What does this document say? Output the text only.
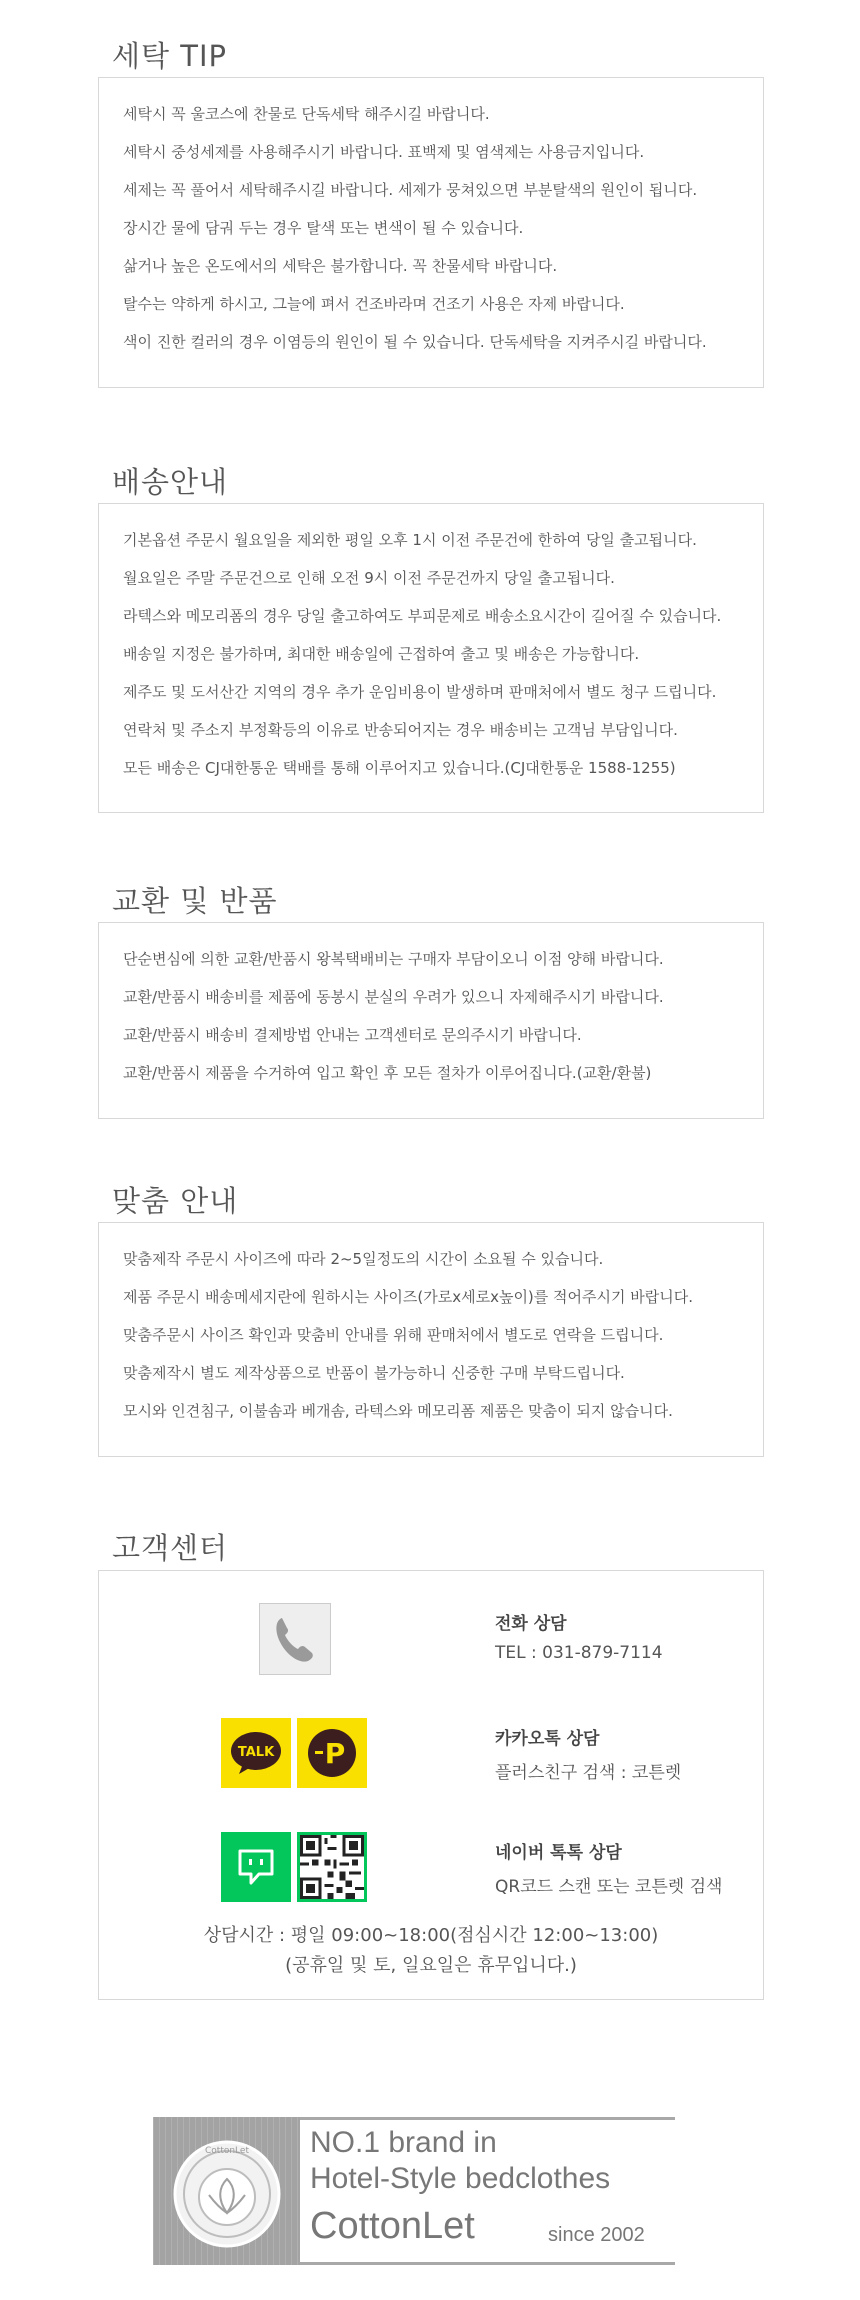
세탁 TIP
세탁시 꼭 울코스에 찬물로 단독세탁 해주시길 바랍니다.
세탁시 중성세제를 사용해주시기 바랍니다. 표백제 및 염색제는 사용금지입니다.
세제는 꼭 풀어서 세탁해주시길 바랍니다. 세제가 뭉쳐있으면 부분탈색의 원인이 됩니다.
장시간 물에 담궈 두는 경우 탈색 또는 변색이 될 수 있습니다.
삶거나 높은 온도에서의 세탁은 불가합니다. 꼭 찬물세탁 바랍니다.
탈수는 약하게 하시고, 그늘에 펴서 건조바라며 건조기 사용은 자제 바랍니다.
색이 진한 컬러의 경우 이염등의 원인이 될 수 있습니다. 단독세탁을 지켜주시길 바랍니다.
배송안내
기본옵션 주문시 월요일을 제외한 평일 오후 1시 이전 주문건에 한하여 당일 출고됩니다.
월요일은 주말 주문건으로 인해 오전 9시 이전 주문건까지 당일 출고됩니다.
라텍스와 메모리폼의 경우 당일 출고하여도 부피문제로 배송소요시간이 길어질 수 있습니다.
배송일 지정은 불가하며, 최대한 배송일에 근접하여 출고 및 배송은 가능합니다.
제주도 및 도서산간 지역의 경우 추가 운임비용이 발생하며 판매처에서 별도 청구 드립니다.
연락처 및 주소지 부정확등의 이유로 반송되어지는 경우 배송비는 고객님 부담입니다.
모든 배송은 CJ대한통운 택배를 통해 이루어지고 있습니다.(CJ대한통운 1588-1255)
교환 및 반품
단순변심에 의한 교환/반품시 왕복택배비는 구매자 부담이오니 이점 양해 바랍니다.
교환/반품시 배송비를 제품에 동봉시 분실의 우려가 있으니 자제해주시기 바랍니다.
교환/반품시 배송비 결제방법 안내는 고객센터로 문의주시기 바랍니다.
교환/반품시 제품을 수거하여 입고 확인 후 모든 절차가 이루어집니다.(교환/환불)
맞춤 안내
맞춤제작 주문시 사이즈에 따라 2~5일정도의 시간이 소요될 수 있습니다.
제품 주문시 배송메세지란에 원하시는 사이즈(가로x세로x높이)를 적어주시기 바랍니다.
맞춤주문시 사이즈 확인과 맞춤비 안내를 위해 판매처에서 별도로 연락을 드립니다.
맞춤제작시 별도 제작상품으로 반품이 불가능하니 신중한 구매 부탁드립니다.
모시와 인견침구, 이불솜과 베개솜, 라텍스와 메모리폼 제품은 맞춤이 되지 않습니다.
고객센터
전화 상담
TEL : 031-879-7114
TALK P	카카오톡 상담
플러스친구 검색 : 코튼렛
네이버 톡톡 상담
QR코드 스캔 또는 코튼렛 검색
상담시간 : 평일 09:00~18:00(점심시간 12:00~13:00)
(공휴일 및 토, 일요일은 휴무입니다.)
CottonLet NO.1 brand in
Hotel-Style bedclothes
CottonLet	since 2002
